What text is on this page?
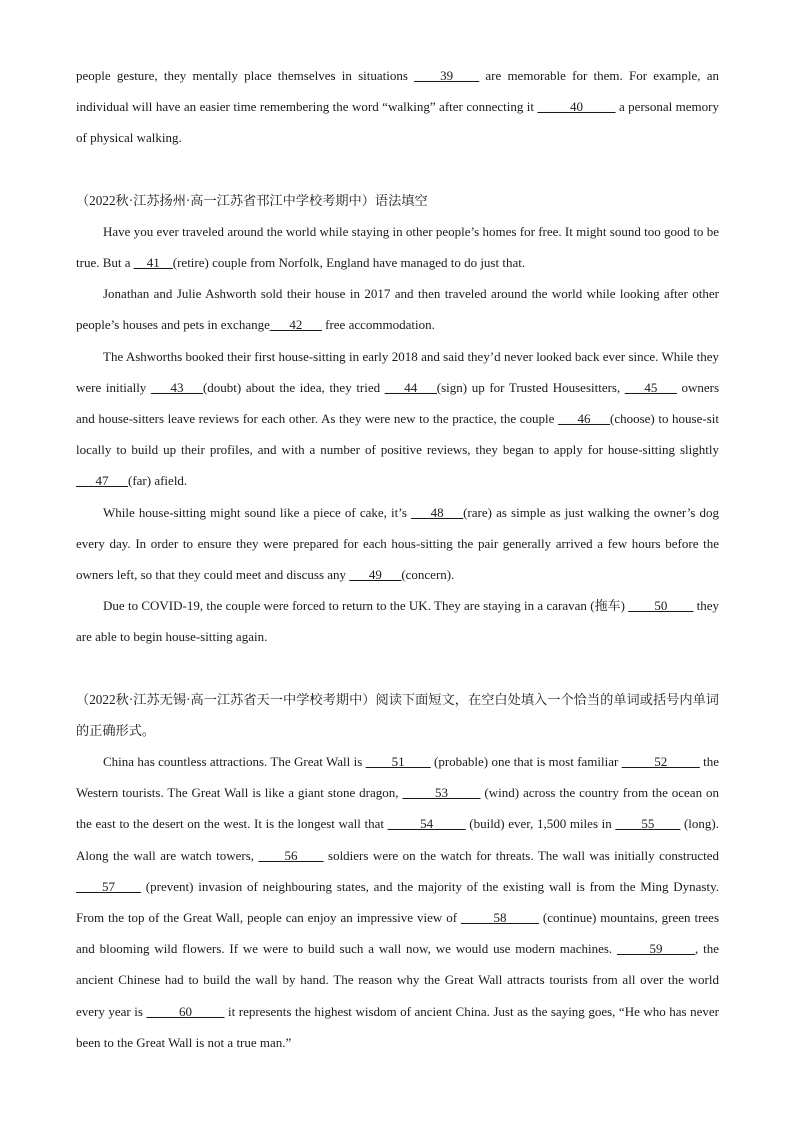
people gesture, they mentally place themselves in situations ____39____ are memorable for them. For example, an individual will have an easier time remembering the word “walking” after connecting it _____40_____ a personal memory of physical walking.

（2022秋·江苏扬州·高一江苏省邗江中学校考期中）语法填空

Have you ever traveled around the world while staying in other people’s homes for free. It might sound too good to be true. But a __41__(retire) couple from Norfolk, England have managed to do just that.

Jonathan and Julie Ashworth sold their house in 2017 and then traveled around the world while looking after other people’s houses and pets in exchange___42___ free accommodation.

The Ashworths booked their first house-sitting in early 2018 and said they’d never looked back ever since. While they were initially ___43___(doubt) about the idea, they tried ___44___(sign) up for Trusted Housesitters, ___45___ owners and house-sitters leave reviews for each other. As they were new to the practice, the couple ___46___(choose) to house-sit locally to build up their profiles, and with a number of positive reviews, they began to apply for house-sitting slightly ___47___(far) afield.

While house-sitting might sound like a piece of cake, it’s ___48___(rare) as simple as just walking the owner’s dog every day. In order to ensure they were prepared for each hous-sitting the pair generally arrived a few hours before the owners left, so that they could meet and discuss any ___49___(concern).

Due to COVID-19, the couple were forced to return to the UK. They are staying in a caravan (拖车) ____50____ they are able to begin house-sitting again.

（2022秋·江苏无锡·高一江苏省天一中学校考期中）阅读下面短文，在空白处填入一个恰当的单词或括号内单词的正确形式。

China has countless attractions. The Great Wall is ____51____ (probable) one that is most familiar _____52_____ the Western tourists. The Great Wall is like a giant stone dragon, _____53_____ (wind) across the country from the ocean on the east to the desert on the west. It is the longest wall that _____54_____ (build) ever, 1,500 miles in ____55____ (long). Along the wall are watch towers, ____56____ soldiers were on the watch for threats. The wall was initially constructed ____57____ (prevent) invasion of neighbouring states, and the majority of the existing wall is from the Ming Dynasty. From the top of the Great Wall, people can enjoy an impressive view of _____58_____ (continue) mountains, green trees and blooming wild flowers. If we were to build such a wall now, we would use modern machines. _____59_____, the ancient Chinese had to build the wall by hand. The reason why the Great Wall attracts tourists from all over the world every year is _____60_____ it represents the highest wisdom of ancient China. Just as the saying goes, “He who has never been to the Great Wall is not a true man.”
